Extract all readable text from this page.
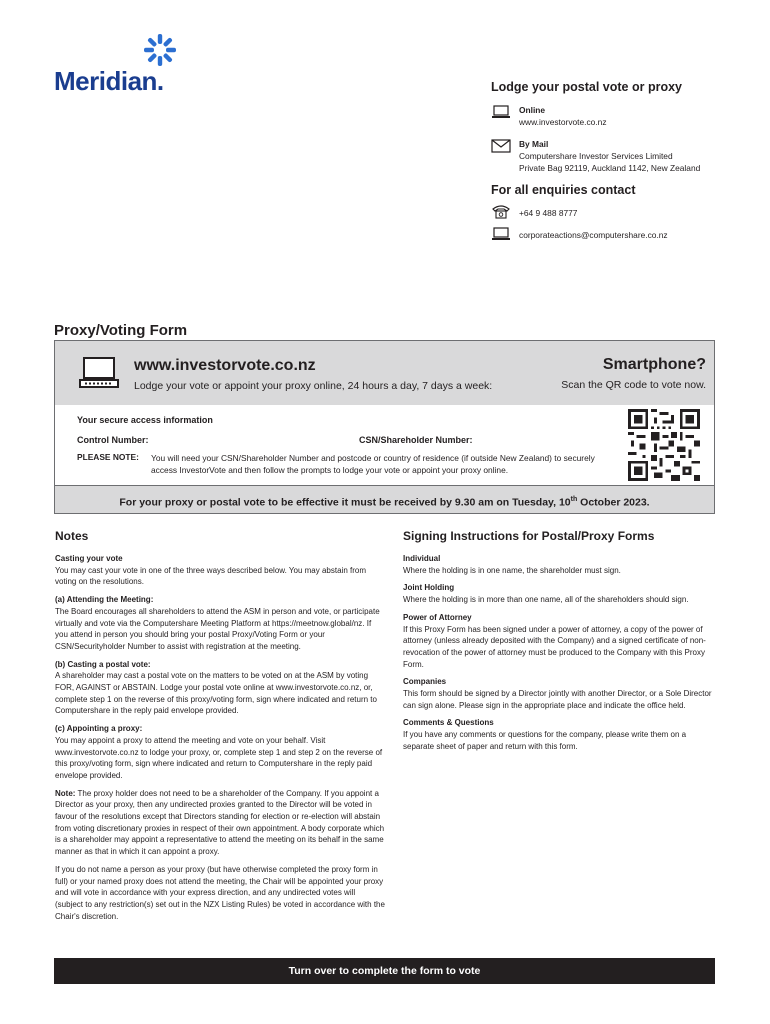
Meridian.	Lodge your postal vote or proxy
Online
www.investorvote.co.nz
By Mail
Computershare Investor Services Limited
Private Bag 92119, Auckland 1142, New Zealand
For all enquiries contact
+64 9 488 8777
corporateactions@computershare.co.nz
Proxy/Voting Form
www.investorvote.co.nz
Lodge your vote or appoint your proxy online, 24 hours a day, 7 days a week:
Smartphone?
Scan the QR code to vote now.
Your secure access information
Control Number:	CSN/Shareholder Number:
PLEASE NOTE: You will need your CSN/Shareholder Number and postcode or country of residence (if outside New Zealand) to securely access InvestorVote and then follow the prompts to lodge your vote or appoint your proxy online.
For your proxy or postal vote to be effective it must be received by 9.30 am on Tuesday, 10th October 2023.
Notes
Casting your vote
You may cast your vote in one of the three ways described below. You may abstain from voting on the resolutions.
(a) Attending the Meeting:
The Board encourages all shareholders to attend the ASM in person and vote, or participate virtually and vote via the Computershare Meeting Platform at https://meetnow.global/nz. If you attend in person you should bring your postal Proxy/Voting Form or your CSN/Securityholder Number to assist with registration at the meeting.
(b) Casting a postal vote:
A shareholder may cast a postal vote on the matters to be voted on at the ASM by voting FOR, AGAINST or ABSTAIN. Lodge your postal vote online at www.investorvote.co.nz, or, complete step 1 on the reverse of this proxy/voting form, sign where indicated and return to Computershare in the reply paid envelope provided.
(c) Appointing a proxy:
You may appoint a proxy to attend the meeting and vote on your behalf. Visit www.investorvote.co.nz to lodge your proxy, or, complete step 1 and step 2 on the reverse of this proxy/voting form, sign where indicated and return to Computershare in the reply paid envelope provided.
Note: The proxy holder does not need to be a shareholder of the Company. If you appoint a Director as your proxy, then any undirected proxies granted to the Director will be voted in favour of the resolutions except that Directors standing for election or re-election will abstain from voting discretionary proxies in respect of their own appointment. A body corporate which is a shareholder may appoint a representative to attend the meeting on its behalf in the same manner as that in which it can appoint a proxy.
If you do not name a person as your proxy (but have otherwise completed the proxy form in full) or your named proxy does not attend the meeting, the Chair will be appointed your proxy and will vote in accordance with your express direction, and any undirected votes will (subject to any restriction(s) set out in the NZX Listing Rules) be voted in accordance with the Chair's discretion.
Signing Instructions for Postal/Proxy Forms
Individual
Where the holding is in one name, the shareholder must sign.
Joint Holding
Where the holding is in more than one name, all of the shareholders should sign.
Power of Attorney
If this Proxy Form has been signed under a power of attorney, a copy of the power of attorney (unless already deposited with the Company) and a signed certificate of non-revocation of the power of attorney must be produced to the Company with this Proxy Form.
Companies
This form should be signed by a Director jointly with another Director, or a Sole Director can sign alone. Please sign in the appropriate place and indicate the office held.
Comments & Questions
If you have any comments or questions for the company, please write them on a separate sheet of paper and return with this form.
Turn over to complete the form to vote
